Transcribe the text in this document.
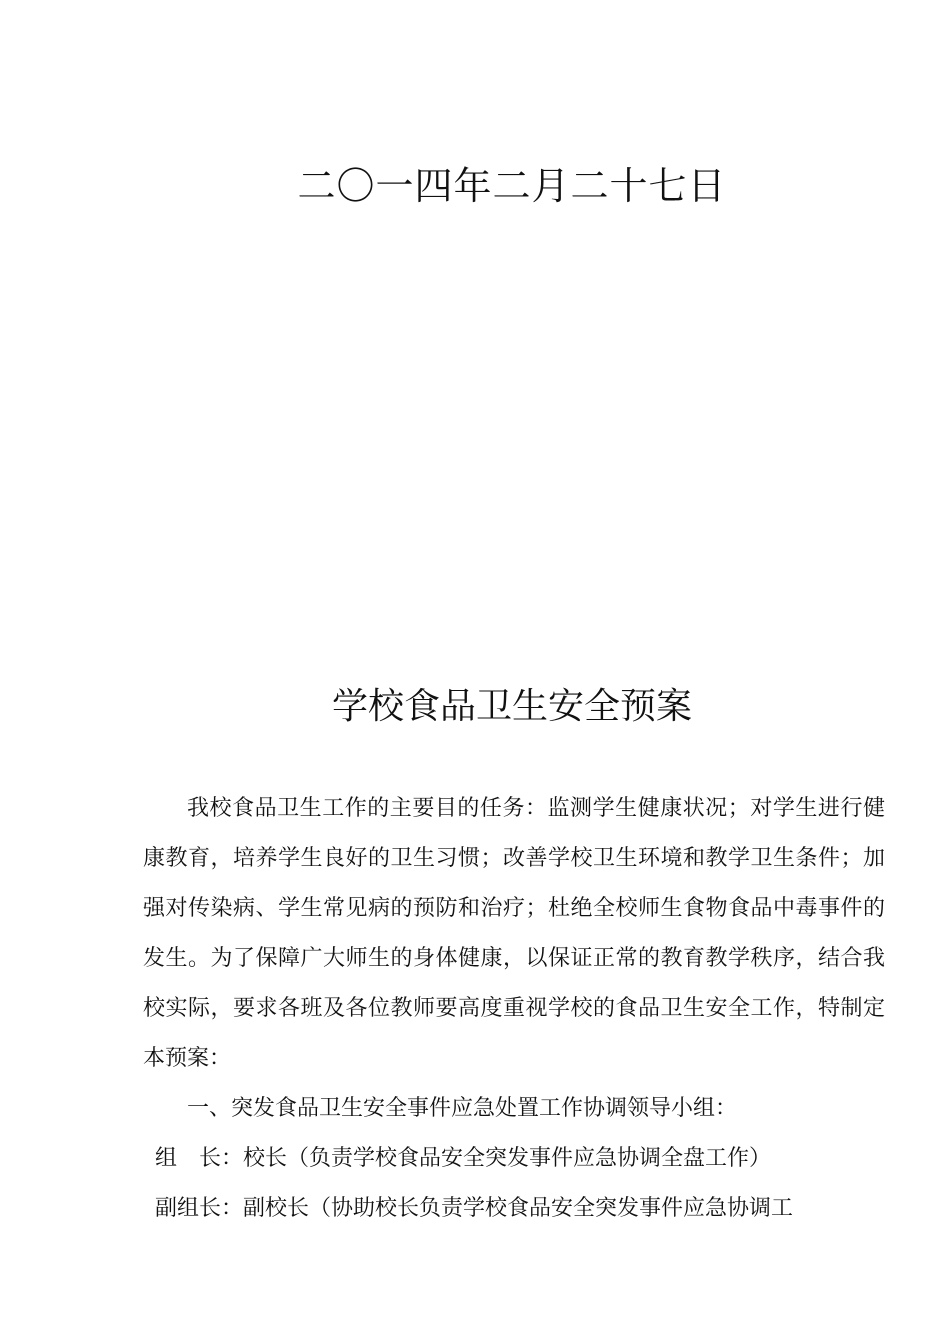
二〇一四年二月二十七日
学校食品卫生安全预案

我校食品卫生工作的主要目的任务：监测学生健康状况；对学生进行健康教育，培养学生良好的卫生习惯；改善学校卫生环境和教学卫生条件；加强对传染病、学生常见病的预防和治疗；杜绝全校师生食物食品中毒事件的发生。为了保障广大师生的身体健康，以保证正常的教育教学秩序，结合我校实际，要求各班及各位教师要高度重视学校的食品卫生安全工作，特制定本预案：

一、突发食品卫生安全事件应急处置工作协调领导小组：

组　长：校长（负责学校食品安全突发事件应急协调全盘工作）

副组长：副校长（协助校长负责学校食品安全突发事件应急协调工
